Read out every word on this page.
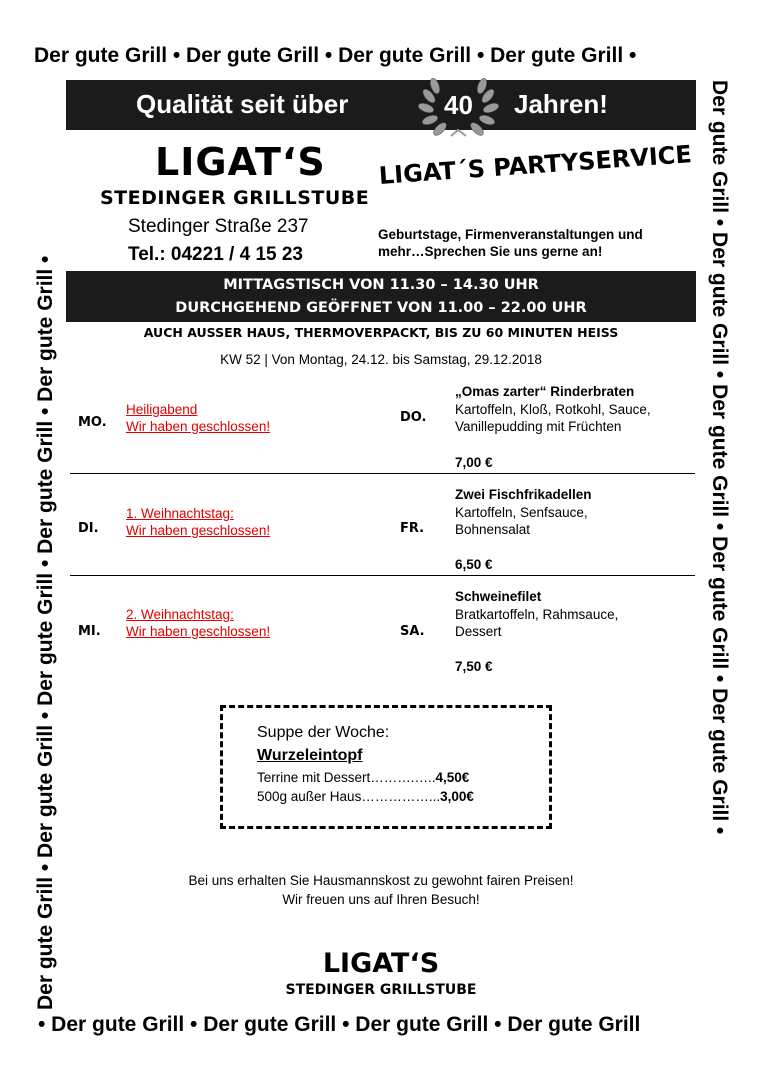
Der gute Grill • Der gute Grill • Der gute Grill • Der gute Grill •
• Der gute Grill • Der gute Grill • Der gute Grill • Der gute Grill
Der gute Grill • Der gute Grill • Der gute Grill • Der gute Grill • Der gute Grill •	Der gute Grill • Der gute Grill • Der gute Grill • Der gute Grill • Der gute Grill •
Qualität seit über	40	Jahren!
LIGAT‘S
STEDINGER GRILLSTUBE
Stedinger Straße 237
Tel.: 04221 / 4 15 23
LIGAT´S PARTYSERVICE
Geburtstage, Firmenveranstaltungen und mehr…Sprechen Sie uns gerne an!
MITTAGSTISCH VON 11.30 – 14.30 UHR
DURCHGEHEND GEÖFFNET VON 11.00 – 22.00 UHR
AUCH AUSSER HAUS, THERMOVERPACKT, BIS ZU 60 MINUTEN HEISS
KW 52 | Von Montag, 24.12. bis Samstag, 29.12.2018
MO.
Heiligabend
Wir haben geschlossen!
DO.
„Omas zarter“ Rinderbraten
Kartoffeln, Kloß, Rotkohl, Sauce,
Vanillepudding mit Früchten
7,00 €
DI.
1. Weihnachtstag:
Wir haben geschlossen!	FR.
Zwei Fischfrikadellen
Kartoffeln, Senfsauce,
Bohnensalat
6,50 €
MI.
2. Weihnachtstag:
Wir haben geschlossen!	SA.
Schweinefilet
Bratkartoffeln, Rahmsauce,
Dessert
7,50 €
Suppe der Woche:
Wurzeleintopf
Terrine mit Dessert……….…..4,50€
500g außer Haus……………...3,00€
Bei uns erhalten Sie Hausmannskost zu gewohnt fairen Preisen!
Wir freuen uns auf Ihren Besuch!
LIGAT‘S
STEDINGER GRILLSTUBE
